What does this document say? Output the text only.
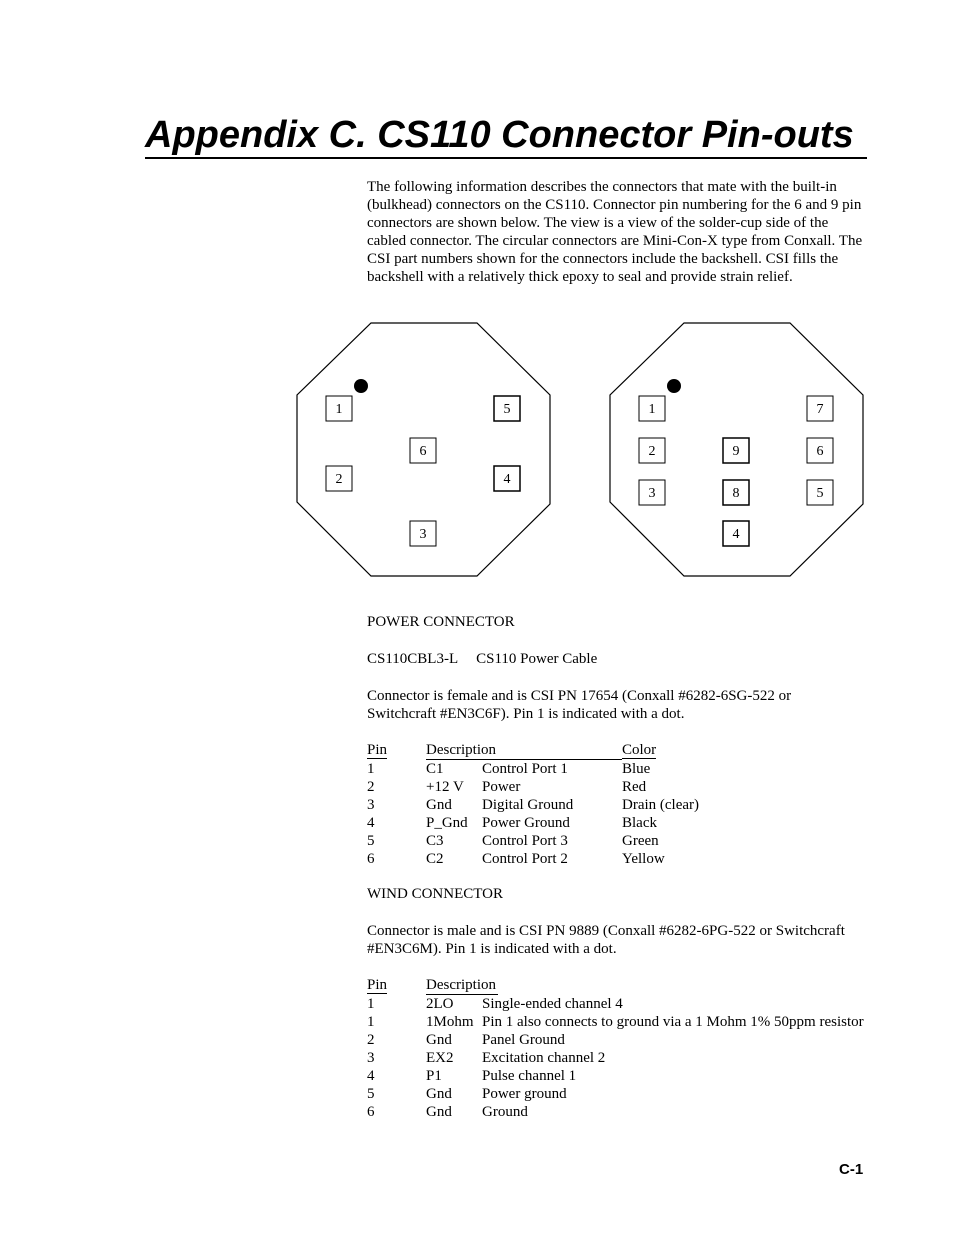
Appendix C. CS110 Connector Pin-outs

The following information describes the connectors that mate with the built-in (bulkhead) connectors on the CS110. Connector pin numbering for the 6 and 9 pin connectors are shown below. The view is a view of the solder-cup side of the cabled connector. The circular connectors are Mini-Con-X type from Conxall. The CSI part numbers shown for the connectors include the backshell. CSI fills the backshell with a relatively thick epoxy to seal and provide strain relief.

1	5
6
2	4
3
1	7
2	9	6
3	8	5
4

POWER CONNECTOR

CS110CBL3-L CS110 Power Cable

Connector is female and is CSI PN 17654 (Conxall #6282-6SG-522 or Switchcraft #EN3C6F). Pin 1 is indicated with a dot.

Pin	Description		Color
1	C1	Control Port 1	Blue
2	+12 V	Power	Red
3	Gnd	Digital Ground	Drain (clear)
4	P_Gnd	Power Ground	Black
5	C3	Control Port 3	Green
6	C2	Control Port 2	Yellow

WIND CONNECTOR

Connector is male and is CSI PN 9889 (Conxall #6282-6PG-522 or Switchcraft #EN3C6M). Pin 1 is indicated with a dot.

Pin	Description	
1	2LO	Single-ended channel 4
1	1Mohm	Pin 1 also connects to ground via a 1 Mohm 1% 50ppm resistor
2	Gnd	Panel Ground
3	EX2	Excitation channel 2
4	P1	Pulse channel 1
5	Gnd	Power ground
6	Gnd	Ground
C-1
